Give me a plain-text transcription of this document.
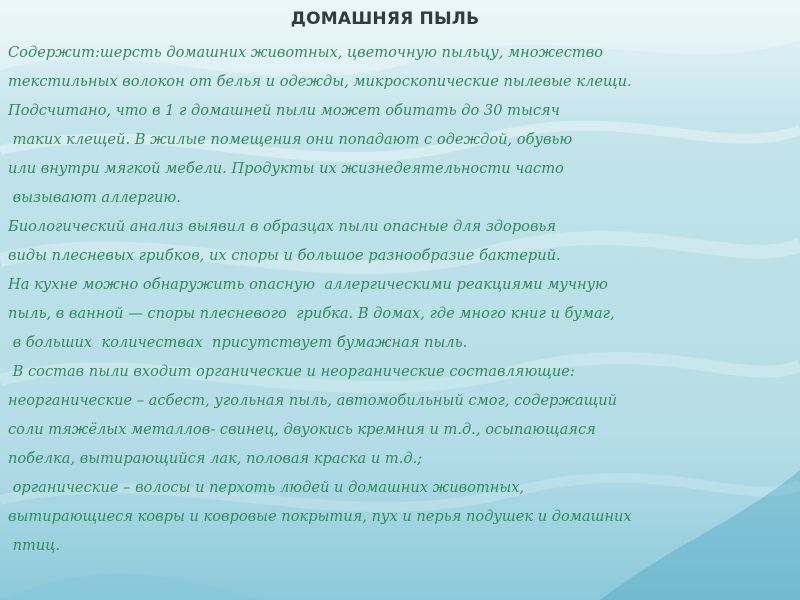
ДОМАШНЯЯ ПЫЛЬ
Содержит:шерсть домашних животных, цветочную пыльцу, множество
текстильных волокон от белья и одежды, микроскопические пылевые клещи.
Подсчитано, что в 1 г домашней пыли может обитать до 30 тысяч
таких клещей. В жилые помещения они попадают с одеждой, обувью
или внутри мягкой мебели. Продукты их жизнедеятельности часто
вызывают аллергию.
Биологический анализ выявил в образцах пыли опасные для здоровья
виды плесневых грибков, их споры и большое разнообразие бактерий.
На кухне можно обнаружить опасную  аллергическими реакциями мучную
пыль, в ванной — споры плесневого  грибка. В домах, где много книг и бумаг,
в больших  количествах  присутствует бумажная пыль.
В состав пыли входит органические и неорганические составляющие:
неорганические – асбест, угольная пыль, автомобильный смог, содержащий
соли тяжёлых металлов- свинец, двуокись кремния и т.д., осыпающаяся
побелка, вытирающийся лак, половая краска и т.д.;
органические – волосы и перхоть людей и домашних животных,
вытирающиеся ковры и ковровые покрытия, пух и перья подушек и домашних
птиц.
